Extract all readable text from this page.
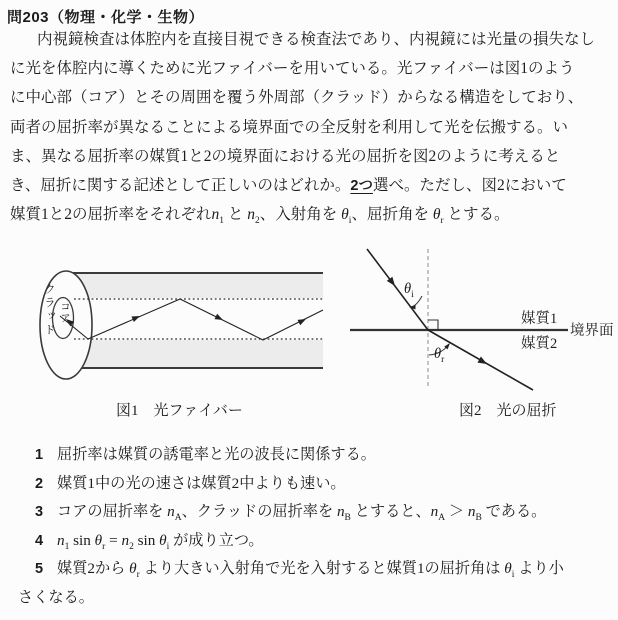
問203（物理・化学・生物）
内視鏡検査は体腔内を直接目視できる検査法であり、内視鏡には光量の損失なし
に光を体腔内に導くために光ファイバーを用いている。光ファイバーは図1のよう
に中心部（コア）とその周囲を覆う外周部（クラッド）からなる構造をしており、
両者の屈折率が異なることによる境界面での全反射を利用して光を伝搬する。い
ま、異なる屈折率の媒質1と2の境界面における光の屈折を図2のように考えると
き、屈折に関する記述として正しいのはどれか。2つ選べ。ただし、図2において
媒質1と2の屈折率をそれぞれ$n_1$ と $n_2$、入射角を $\theta_i$、屈折角を $\theta_r$ とする。
クラッド コア
図1　光ファイバー
$\theta_i$
$\theta_r$
媒質1
媒質2
境界面
図2　光の屈折
1 屈折率は媒質の誘電率と光の波長に関係する。
2 媒質1中の光の速さは媒質2中よりも速い。
3 コアの屈折率を $n_A$、クラッドの屈折率を $n_B$ とすると、$n_A > n_B$ である。
4 $n_1$ $\sin \theta_r = n_2$ $\sin \theta_i$ が成り立つ。
5 媒質2から $\theta_r$ より大きい入射角で光を入射すると媒質1の屈折角は $\theta_i$ より小
さくなる。
